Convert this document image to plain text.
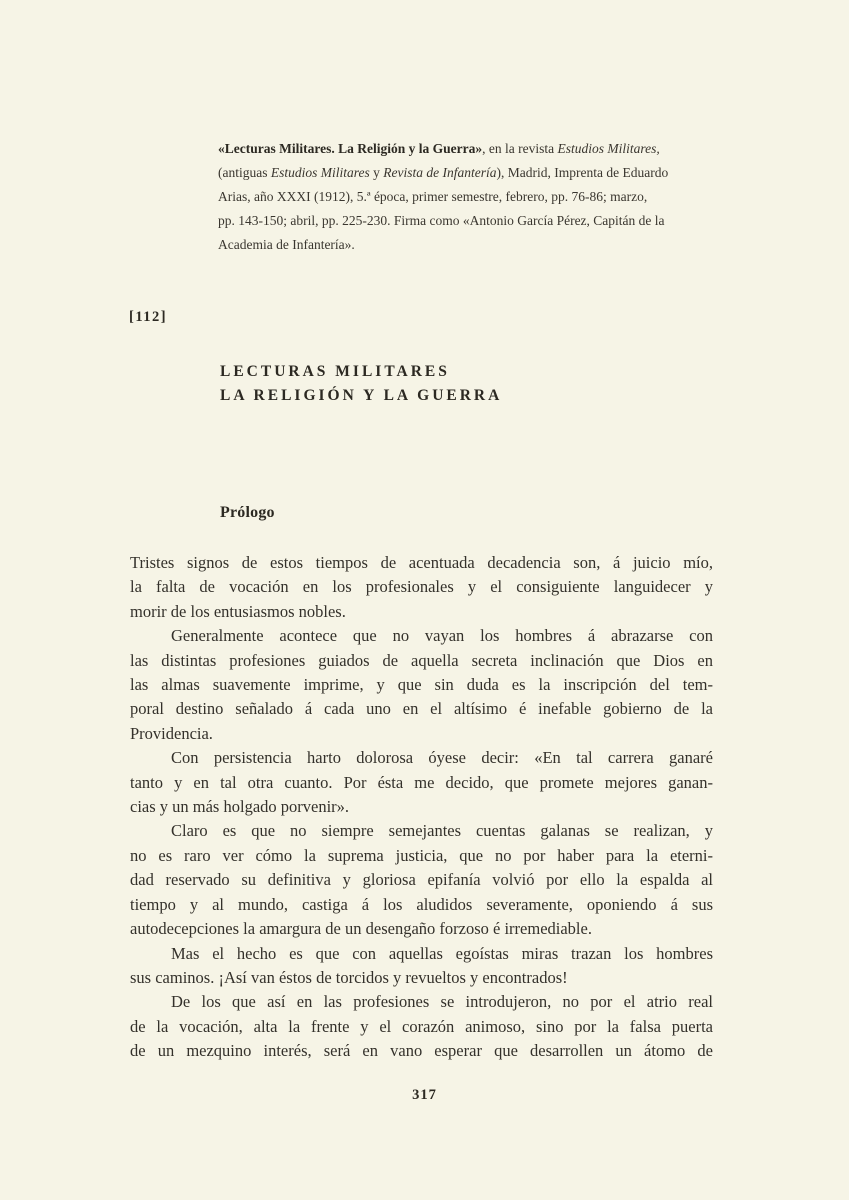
«Lecturas Militares. La Religión y la Guerra», en la revista Estudios Militares,
(antiguas Estudios Militares y Revista de Infantería), Madrid, Imprenta de Eduardo
Arias, año XXXI (1912), 5.ª época, primer semestre, febrero, pp. 76-86; marzo,
pp. 143-150; abril, pp. 225-230. Firma como «Antonio García Pérez, Capitán de la
Academia de Infantería».
[112]
LECTURAS MILITARES
LA RELIGIÓN Y LA GUERRA
Prólogo
Tristes signos de estos tiempos de acentuada decadencia son, á juicio mío,
la falta de vocación en los profesionales y el consiguiente languidecer y
morir de los entusiasmos nobles.
Generalmente acontece que no vayan los hombres á abrazarse con
las distintas profesiones guiados de aquella secreta inclinación que Dios en
las almas suavemente imprime, y que sin duda es la inscripción del tem-
poral destino señalado á cada uno en el altísimo é inefable gobierno de la
Providencia.
Con persistencia harto dolorosa óyese decir: «En tal carrera ganaré
tanto y en tal otra cuanto. Por ésta me decido, que promete mejores ganan-
cias y un más holgado porvenir».
Claro es que no siempre semejantes cuentas galanas se realizan, y
no es raro ver cómo la suprema justicia, que no por haber para la eterni-
dad reservado su definitiva y gloriosa epifanía volvió por ello la espalda al
tiempo y al mundo, castiga á los aludidos severamente, oponiendo á sus
autodecepciones la amargura de un desengaño forzoso é irremediable.
Mas el hecho es que con aquellas egoístas miras trazan los hombres
sus caminos. ¡Así van éstos de torcidos y revueltos y encontrados!
De los que así en las profesiones se introdujeron, no por el atrio real
de la vocación, alta la frente y el corazón animoso, sino por la falsa puerta
de un mezquino interés, será en vano esperar que desarrollen un átomo de
317
